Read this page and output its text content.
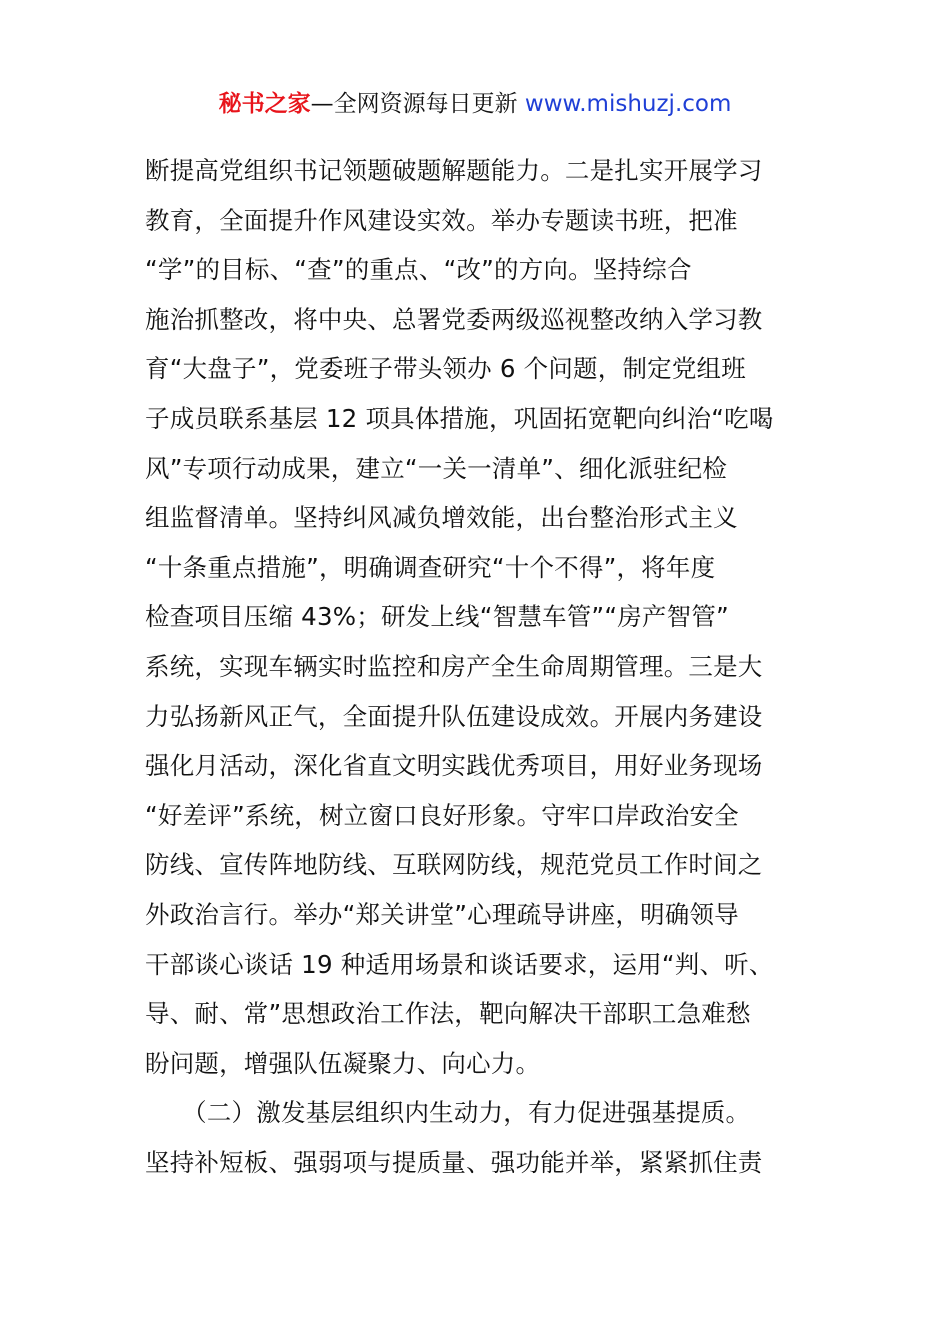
秘书之家—全网资源每日更新 www.mishuzj.com
断提高党组织书记领题破题解题能力。二是扎实开展学习
教育，全面提升作风建设实效。举办专题读书班，把准
“学”的目标、“查”的重点、“改”的方向。坚持综合
施治抓整改，将中央、总署党委两级巡视整改纳入学习教
育“大盘子”，党委班子带头领办 6 个问题，制定党组班
子成员联系基层 12 项具体措施，巩固拓宽靶向纠治“吃喝
风”专项行动成果，建立“一关一清单”、细化派驻纪检
组监督清单。坚持纠风减负增效能，出台整治形式主义
“十条重点措施”，明确调查研究“十个不得”，将年度
检查项目压缩 43%；研发上线“智慧车管”“房产智管”
系统，实现车辆实时监控和房产全生命周期管理。三是大
力弘扬新风正气，全面提升队伍建设成效。开展内务建设
强化月活动，深化省直文明实践优秀项目，用好业务现场
“好差评”系统，树立窗口良好形象。守牢口岸政治安全
防线、宣传阵地防线、互联网防线，规范党员工作时间之
外政治言行。举办“郑关讲堂”心理疏导讲座，明确领导
干部谈心谈话 19 种适用场景和谈话要求，运用“判、听、
导、耐、常”思想政治工作法，靶向解决干部职工急难愁
盼问题，增强队伍凝聚力、向心力。
　　（二）激发基层组织内生动力，有力促进强基提质。
坚持补短板、强弱项与提质量、强功能并举，紧紧抓住责
